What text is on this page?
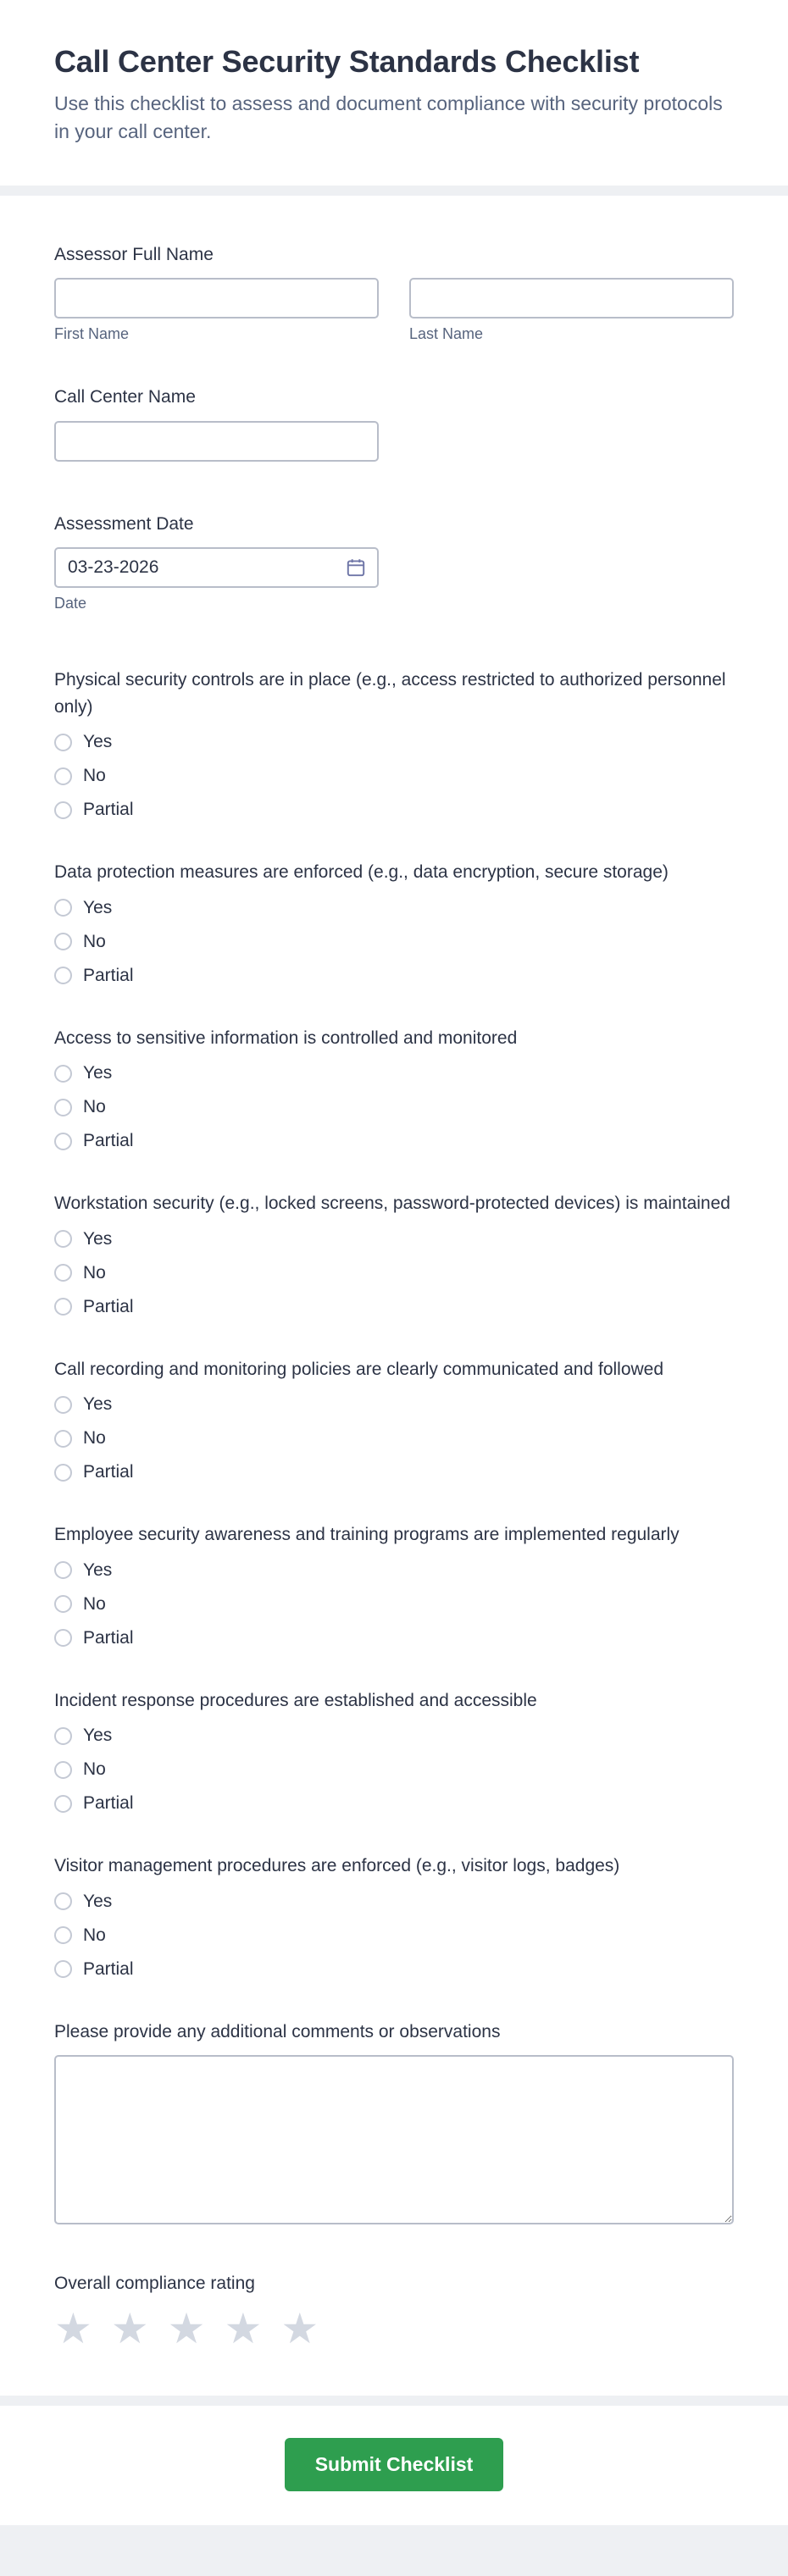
Call Center Security Standards Checklist

Use this checklist to assess and document compliance with security protocols in your call center.

Assessor Full Name
First Name	Last Name
Call Center Name
Assessment Date
03-23-2026
Date
Physical security controls are in place (e.g., access restricted to authorized personnel only)
Yes
No
Partial
Data protection measures are enforced (e.g., data encryption, secure storage)
Yes
No
Partial
Access to sensitive information is controlled and monitored
Yes
No
Partial
Workstation security (e.g., locked screens, password-protected devices) is maintained
Yes
No
Partial
Call recording and monitoring policies are clearly communicated and followed
Yes
No
Partial
Employee security awareness and training programs are implemented regularly
Yes
No
Partial
Incident response procedures are established and accessible
Yes
No
Partial
Visitor management procedures are enforced (e.g., visitor logs, badges)
Yes
No
Partial
Please provide any additional comments or observations
Overall compliance rating
★ ★ ★ ★ ★
Submit Checklist
